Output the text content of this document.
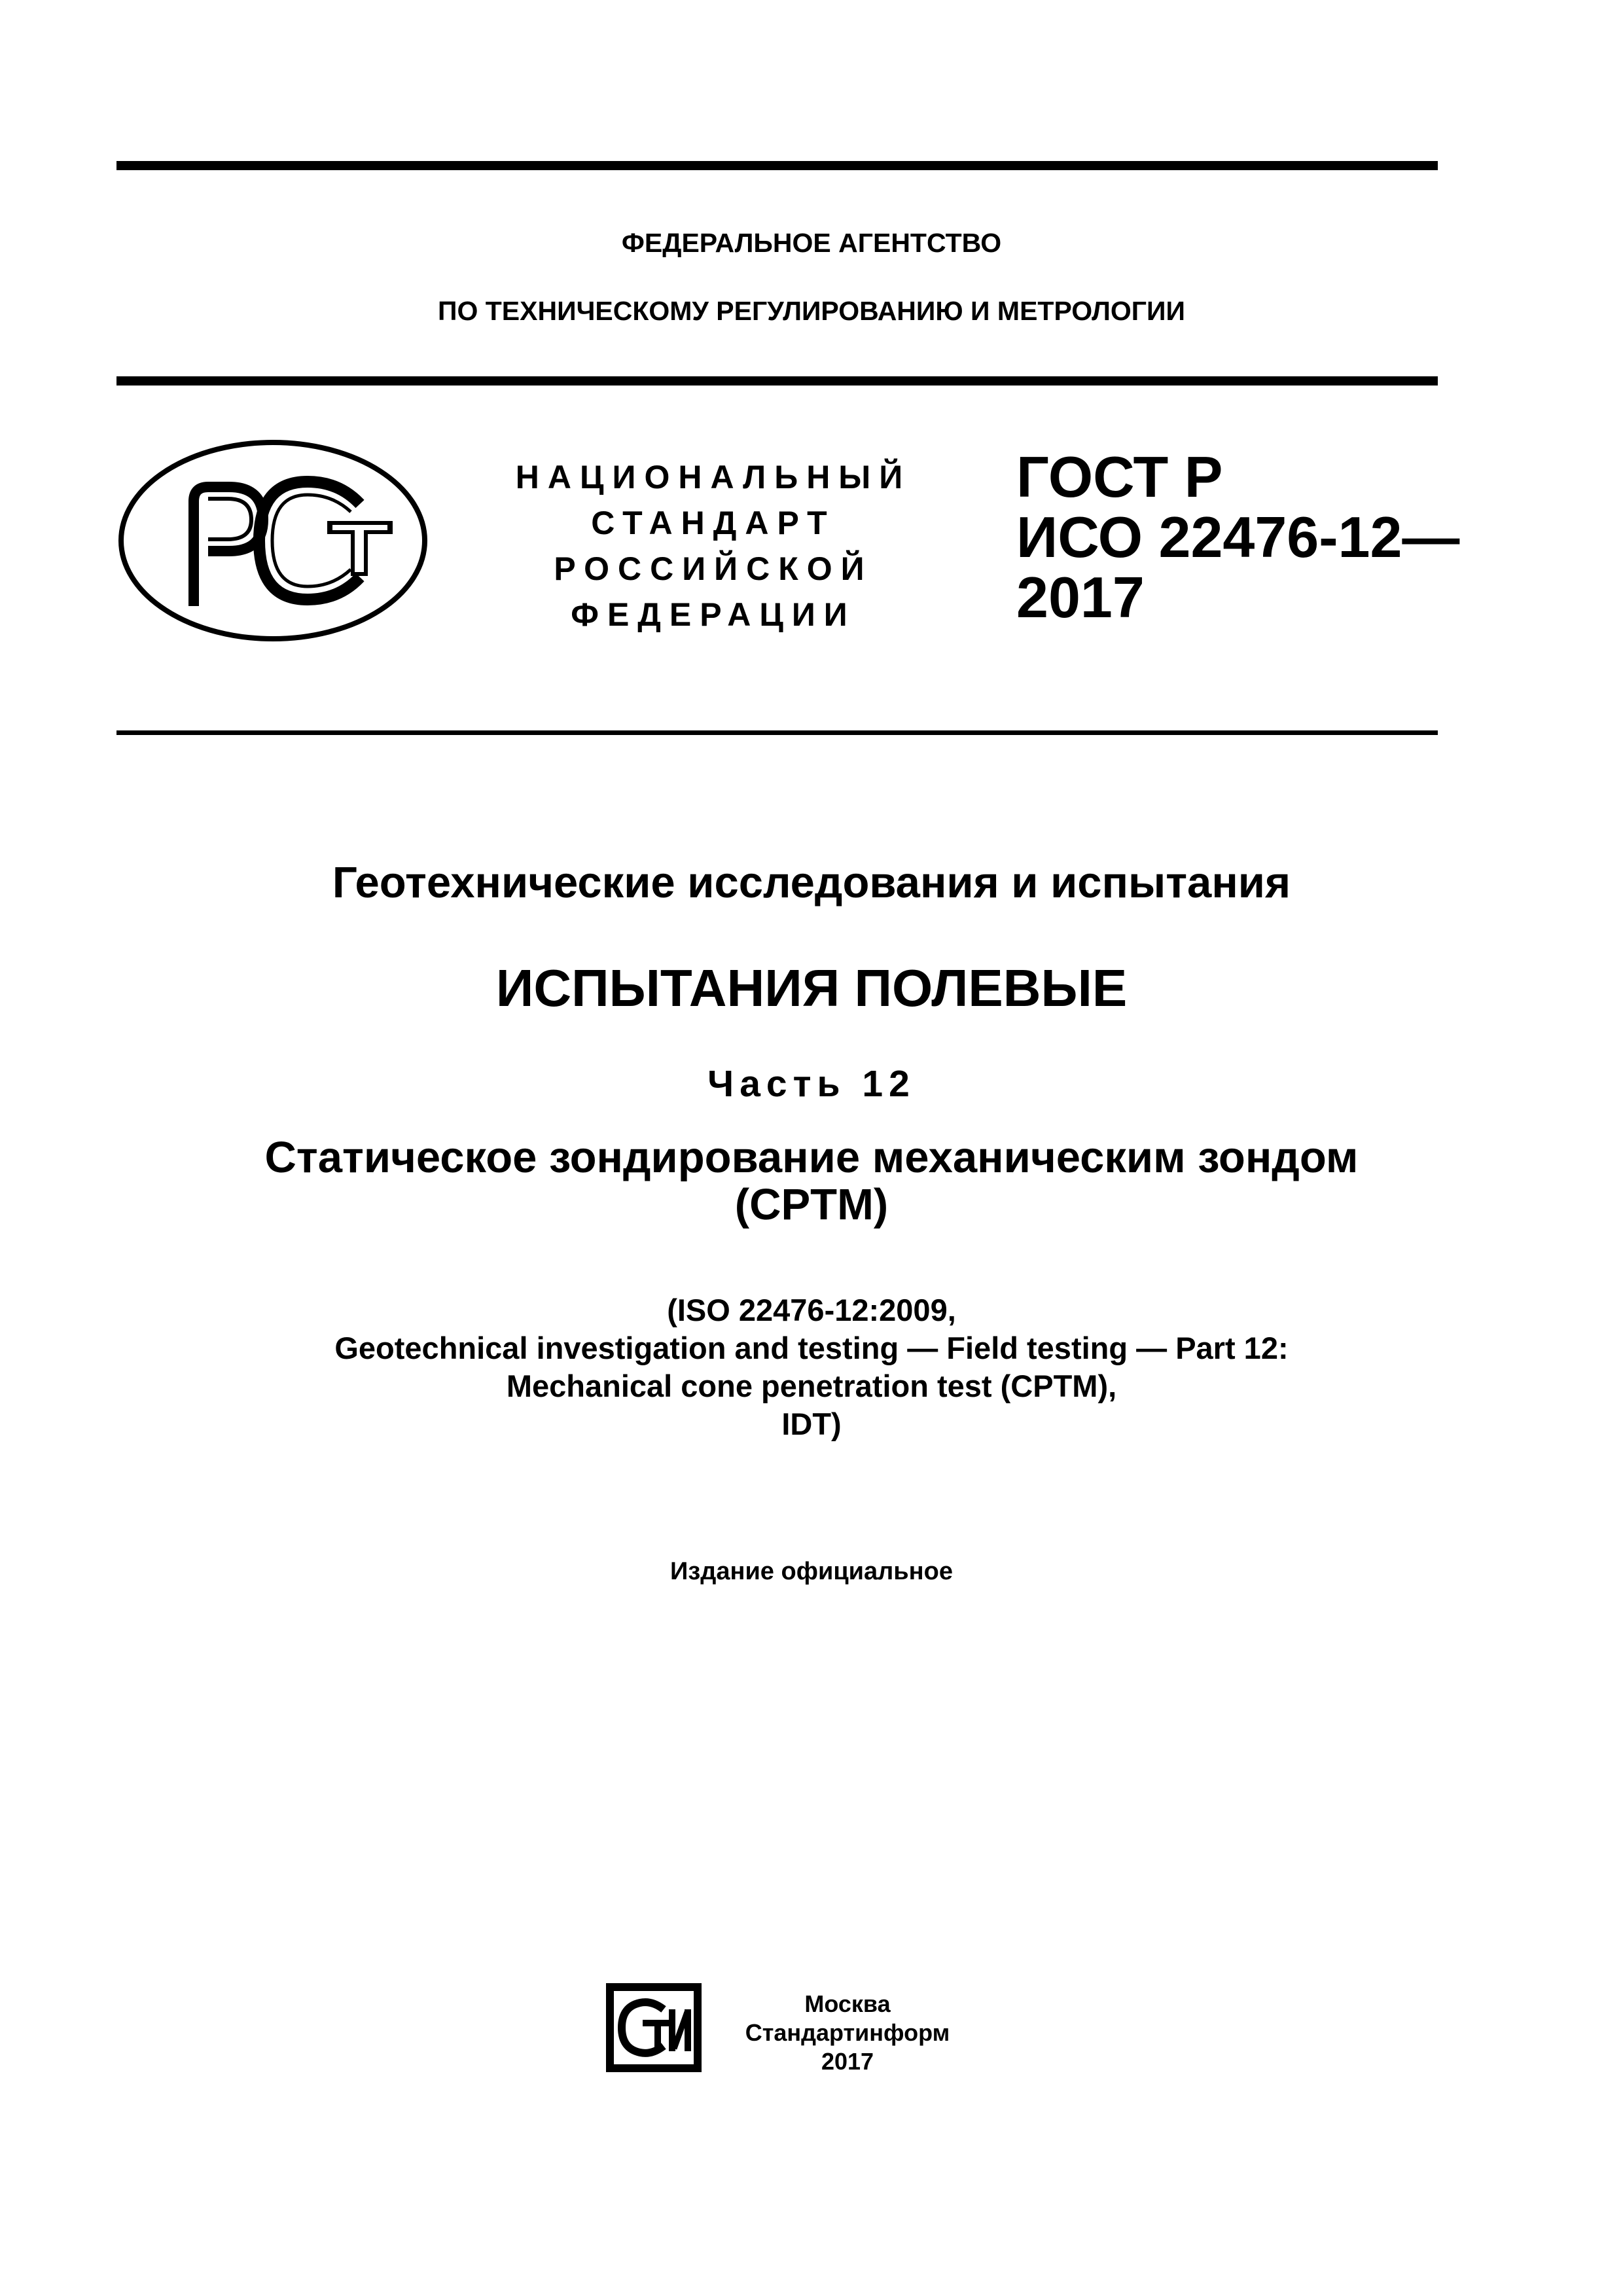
ФЕДЕРАЛЬНОЕ АГЕНТСТВО
ПО ТЕХНИЧЕСКОМУ РЕГУЛИРОВАНИЮ И МЕТРОЛОГИИ
НАЦИОНАЛЬНЫЙ
СТАНДАРТ
РОССИЙСКОЙ
ФЕДЕРАЦИИ
ГОСТ Р
ИСО 22476-12—
2017
Геотехнические исследования и испытания
ИСПЫТАНИЯ ПОЛЕВЫЕ
Часть 12
Статическое зондирование механическим зондом
(CPTM)
(ISO 22476-12:2009,
Geotechnical investigation and testing — Field testing — Part 12:
Mechanical cone penetration test (CPTM),
IDT)
Издание официальное
Москва
Стандартинформ
2017
